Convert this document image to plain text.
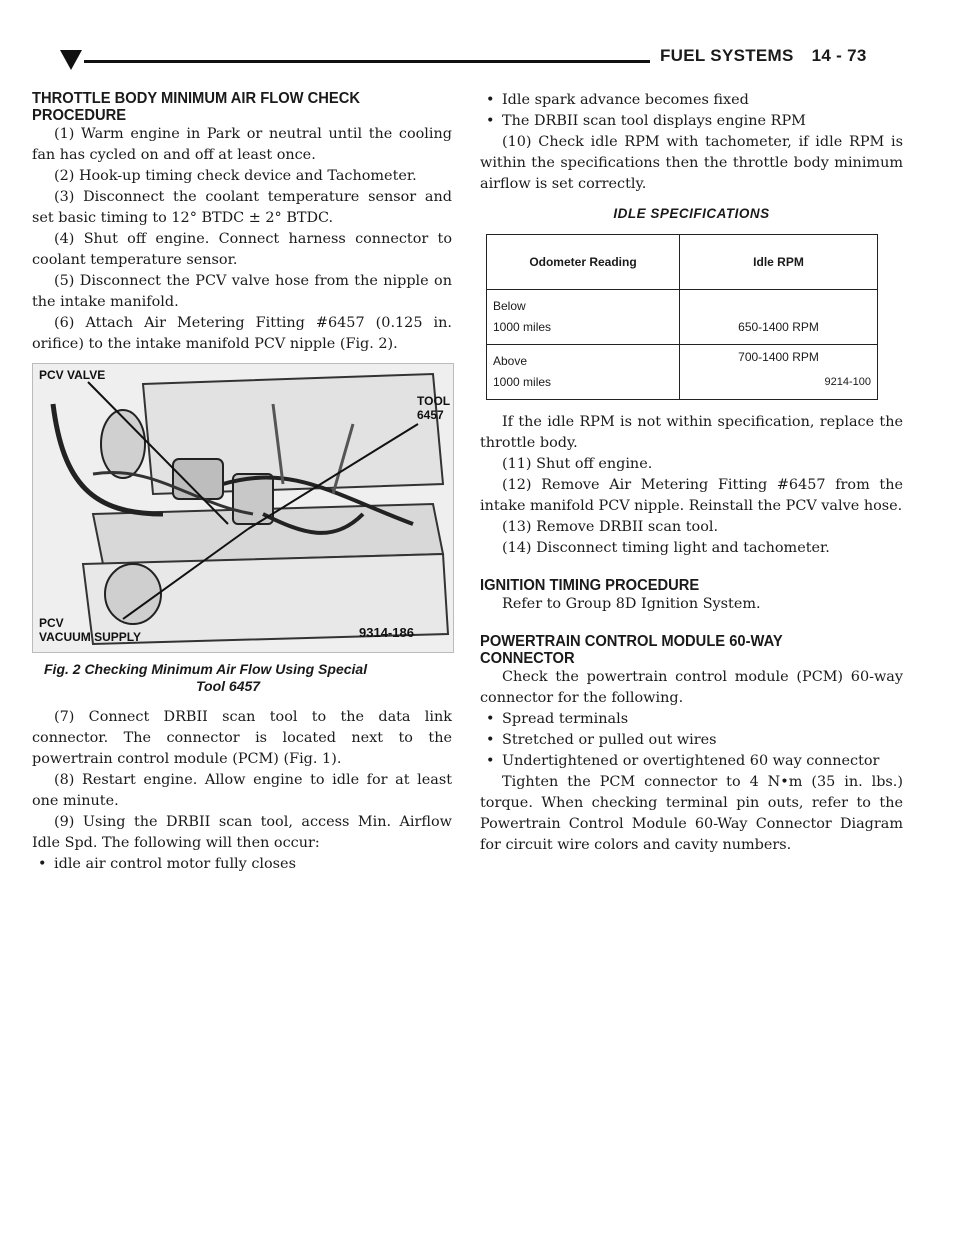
FUEL SYSTEMS 14 - 73
THROTTLE BODY MINIMUM AIR FLOW CHECK PROCEDURE

(1) Warm engine in Park or neutral until the cooling fan has cycled on and off at least once.

(2) Hook-up timing check device and Tachometer.

(3) Disconnect the coolant temperature sensor and set basic timing to 12° BTDC ± 2° BTDC.

(4) Shut off engine. Connect harness connector to coolant temperature sensor.

(5) Disconnect the PCV valve hose from the nipple on the intake manifold.

(6) Attach Air Metering Fitting #6457 (0.125 in. orifice) to the intake manifold PCV nipple (Fig. 2).

PCV VALVE
TOOL
6457
PCV
VACUUM SUPPLY	9314-186
Fig. 2 Checking Minimum Air Flow Using Special
Tool 6457

(7) Connect DRBII scan tool to the data link connector. The connector is located next to the powertrain control module (PCM) (Fig. 1).

(8) Restart engine. Allow engine to idle for at least one minute.

(9) Using the DRBII scan tool, access Min. Airflow Idle Spd. The following will then occur:

• idle air control motor fully closes

• Idle spark advance becomes fixed

• The DRBII scan tool displays engine RPM

(10) Check idle RPM with tachometer, if idle RPM is within the specifications then the throttle body minimum airflow is set correctly.

IDLE SPECIFICATIONS
Odometer Reading	Idle RPM
Below
1000 miles	650-1400 RPM
Above
1000 miles	700-1400 RPM
9214-100

If the idle RPM is not within specification, replace the throttle body.

(11) Shut off engine.

(12) Remove Air Metering Fitting #6457 from the intake manifold PCV nipple. Reinstall the PCV valve hose.

(13) Remove DRBII scan tool.

(14) Disconnect timing light and tachometer.

IGNITION TIMING PROCEDURE

Refer to Group 8D Ignition System.

POWERTRAIN CONTROL MODULE 60-WAY CONNECTOR

Check the powertrain control module (PCM) 60-way connector for the following.

• Spread terminals

• Stretched or pulled out wires

• Undertightened or overtightened 60 way connector

Tighten the PCM connector to 4 N•m (35 in. lbs.) torque. When checking terminal pin outs, refer to the Powertrain Control Module 60-Way Connector Diagram for circuit wire colors and cavity numbers.
